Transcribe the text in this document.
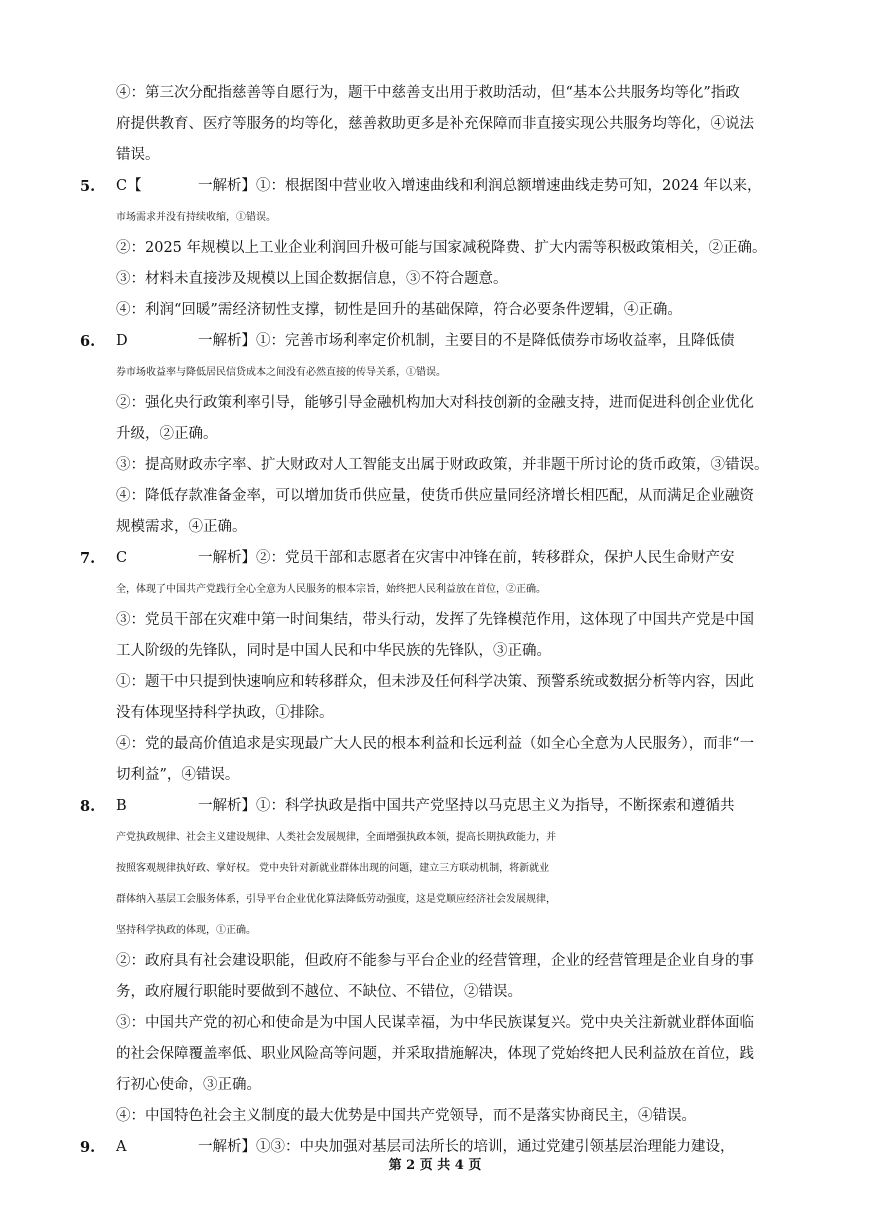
④：第三次分配指慈善等自愿行为，题干中慈善支出用于救助活动，但“基本公共服务均等化”指政
府提供教育、医疗等服务的均等化，慈善救助更多是补充保障而非直接实现公共服务均等化，④说法
错误。
5. C【	一解析】①：根据图中营业收入增速曲线和利润总额增速曲线走势可知，2024 年以来，
市场需求并没有持续收缩，①错误。
②：2025 年规模以上工业企业利润回升极可能与国家减税降费、扩大内需等积极政策相关，②正确。
③：材料未直接涉及规模以上国企数据信息，③不符合题意。
④：利润“回暖”需经济韧性支撑，韧性是回升的基础保障，符合必要条件逻辑，④正确。
6. D	一解析】①：完善市场利率定价机制，主要目的不是降低债券市场收益率，且降低债
券市场收益率与降低居民信贷成本之间没有必然直接的传导关系，①错误。
②：强化央行政策利率引导，能够引导金融机构加大对科技创新的金融支持，进而促进科创企业优化
升级，②正确。
③：提高财政赤字率、扩大财政对人工智能支出属于财政政策，并非题干所讨论的货币政策，③错误。
④：降低存款准备金率，可以增加货币供应量，使货币供应量同经济增长相匹配，从而满足企业融资
规模需求，④正确。
7. C	一解析】②：党员干部和志愿者在灾害中冲锋在前，转移群众，保护人民生命财产安
全，体现了中国共产党践行全心全意为人民服务的根本宗旨，始终把人民利益放在首位，②正确。
③：党员干部在灾难中第一时间集结，带头行动，发挥了先锋模范作用，这体现了中国共产党是中国
工人阶级的先锋队，同时是中国人民和中华民族的先锋队，③正确。
①：题干中只提到快速响应和转移群众，但未涉及任何科学决策、预警系统或数据分析等内容，因此
没有体现坚持科学执政，①排除。
④：党的最高价值追求是实现最广大人民的根本利益和长远利益（如全心全意为人民服务），而非“一
切利益”，④错误。
8. B	一解析】①：科学执政是指中国共产党坚持以马克思主义为指导，不断探索和遵循共
产党执政规律、社会主义建设规律、人类社会发展规律，全面增强执政本领，提高长期执政能力，并
按照客观规律执好政、掌好权。 党中央针对新就业群体出现的问题，建立三方联动机制，将新就业
群体纳入基层工会服务体系，引导平台企业优化算法降低劳动强度，这是党顺应经济社会发展规律，
坚持科学执政的体现，①正确。
②：政府具有社会建设职能，但政府不能参与平台企业的经营管理，企业的经营管理是企业自身的事
务，政府履行职能时要做到不越位、不缺位、不错位，②错误。
③：中国共产党的初心和使命是为中国人民谋幸福，为中华民族谋复兴。党中央关注新就业群体面临
的社会保障覆盖率低、职业风险高等问题，并采取措施解决，体现了党始终把人民利益放在首位，践
行初心使命，③正确。
④：中国特色社会主义制度的最大优势是中国共产党领导，而不是落实协商民主，④错误。
9. A	一解析】①③：中央加强对基层司法所长的培训，通过党建引领基层治理能力建设，
第 2 页 共 4 页
